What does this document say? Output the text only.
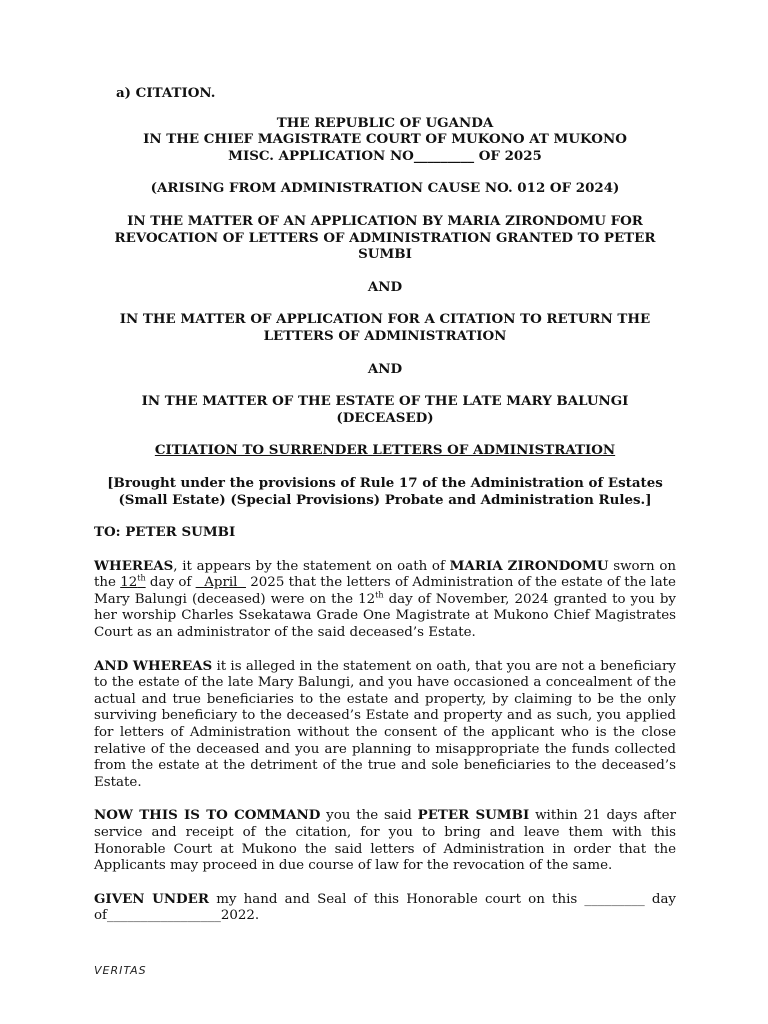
a) CITATION.
THE REPUBLIC OF UGANDA
IN THE CHIEF MAGISTRATE COURT OF MUKONO AT MUKONO
MISC. APPLICATION NO_________ OF 2025
(ARISING FROM ADMINISTRATION CAUSE NO. 012 OF 2024)
IN THE MATTER OF AN APPLICATION BY MARIA ZIRONDOMU FOR REVOCATION OF LETTERS OF ADMINISTRATION GRANTED TO PETER SUMBI
AND
IN THE MATTER OF APPLICATION FOR A CITATION TO RETURN THE LETTERS OF ADMINISTRATION
AND
IN THE MATTER OF THE ESTATE OF THE LATE MARY BALUNGI (DECEASED)
CITIATION TO SURRENDER LETTERS OF ADMINISTRATION
[Brought under the provisions of Rule 17 of the Administration of Estates (Small Estate) (Special Provisions) Probate and Administration Rules.]

TO: PETER SUMBI

WHEREAS, it appears by the statement on oath of MARIA ZIRONDOMU sworn on the 12th day of   April   2025 that the letters of Administration of the estate of the late Mary Balungi (deceased) were on the 12th day of November, 2024 granted to you by her worship Charles Ssekatawa Grade One Magistrate at Mukono Chief Magistrates Court as an administrator of the said deceased’s Estate.

AND WHEREAS it is alleged in the statement on oath, that you are not a beneficiary to the estate of the late Mary Balungi, and you have occasioned a concealment of the actual and true beneficiaries to the estate and property, by claiming to be the only surviving beneficiary to the deceased’s Estate and property and as such, you applied for letters of Administration without the consent of the applicant who is the close relative of the deceased and you are planning to misappropriate the funds collected from the estate at the detriment of the true and sole beneficiaries to the deceased’s Estate.

NOW THIS IS TO COMMAND you the said PETER SUMBI within 21 days after service and receipt of the citation, for you to bring and leave them with this Honorable Court at Mukono the said letters of Administration in order that the Applicants may proceed in due course of law for the revocation of the same.

GIVEN UNDER my hand and Seal of this Honorable court on this _________ day of_________________2022.

VERITAS
